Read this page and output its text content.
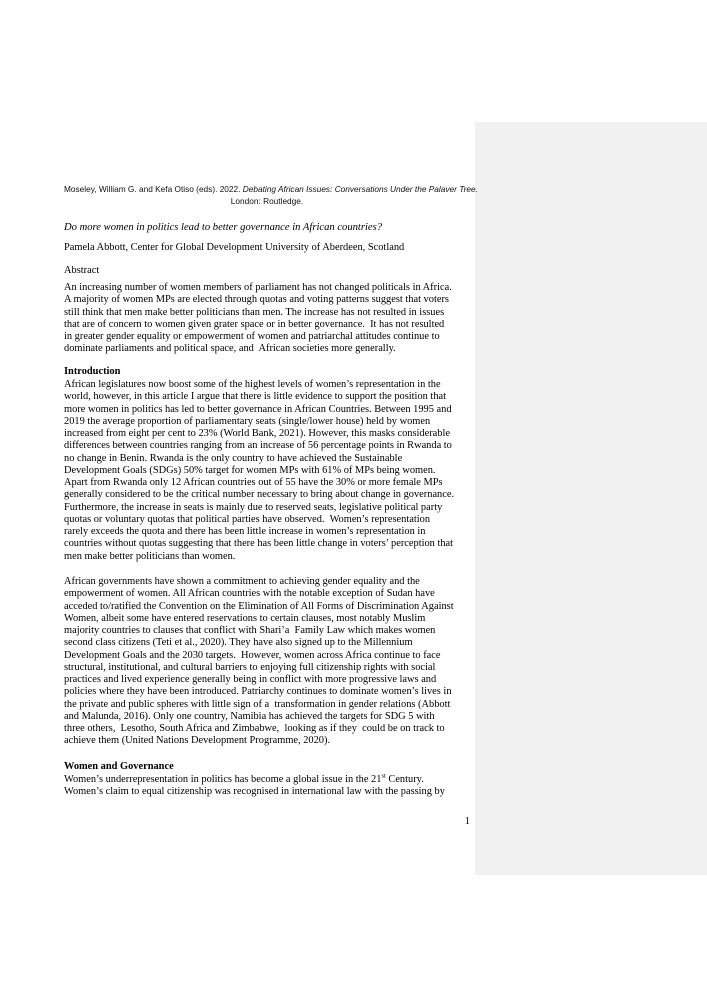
Moseley, William G. and Kefa Otiso (eds). 2022. Debating African Issues: Conversations Under the Palaver Tree.
London: Routledge.
Do more women in politics lead to better governance in African countries?
Pamela Abbott, Center for Global Development University of Aberdeen, Scotland
Abstract
An increasing number of women members of parliament has not changed politicals in Africa.
A majority of women MPs are elected through quotas and voting patterns suggest that voters
still think that men make better politicians than men. The increase has not resulted in issues
that are of concern to women given grater space or in better governance.  It has not resulted
in greater gender equality or empowerment of women and patriarchal attitudes continue to
dominate parliaments and political space, and  African societies more generally.
Introduction
African legislatures now boost some of the highest levels of women’s representation in the
world, however, in this article I argue that there is little evidence to support the position that
more women in politics has led to better governance in African Countries. Between 1995 and
2019 the average proportion of parliamentary seats (single/lower house) held by women
increased from eight per cent to 23% (World Bank, 2021). However, this masks considerable
differences between countries ranging from an increase of 56 percentage points in Rwanda to
no change in Benin. Rwanda is the only country to have achieved the Sustainable
Development Goals (SDGs) 50% target for women MPs with 61% of MPs being women.
Apart from Rwanda only 12 African countries out of 55 have the 30% or more female MPs
generally considered to be the critical number necessary to bring about change in governance.
Furthermore, the increase in seats is mainly due to reserved seats, legislative political party
quotas or voluntary quotas that political parties have observed.  Women’s representation
rarely exceeds the quota and there has been little increase in women’s representation in
countries without quotas suggesting that there has been little change in voters’ perception that
men make better politicians than women.
African governments have shown a commitment to achieving gender equality and the
empowerment of women. All African countries with the notable exception of Sudan have
acceded to/ratified the Convention on the Elimination of All Forms of Discrimination Against
Women, albeit some have entered reservations to certain clauses, most notably Muslim
majority countries to clauses that conflict with Shari’a  Family Law which makes women
second class citizens (Teti et al., 2020). They have also signed up to the Millennium
Development Goals and the 2030 targets.  However, women across Africa continue to face
structural, institutional, and cultural barriers to enjoying full citizenship rights with social
practices and lived experience generally being in conflict with more progressive laws and
policies where they have been introduced. Patriarchy continues to dominate women’s lives in
the private and public spheres with little sign of a  transformation in gender relations (Abbott
and Malunda, 2016). Only one country, Namibia has achieved the targets for SDG 5 with
three others,  Lesotho, South Africa and Zimbabwe,  looking as if they  could be on track to
achieve them (United Nations Development Programme, 2020).
Women and Governance
Women’s underrepresentation in politics has become a global issue in the 21st Century.
Women’s claim to equal citizenship was recognised in international law with the passing by
1
